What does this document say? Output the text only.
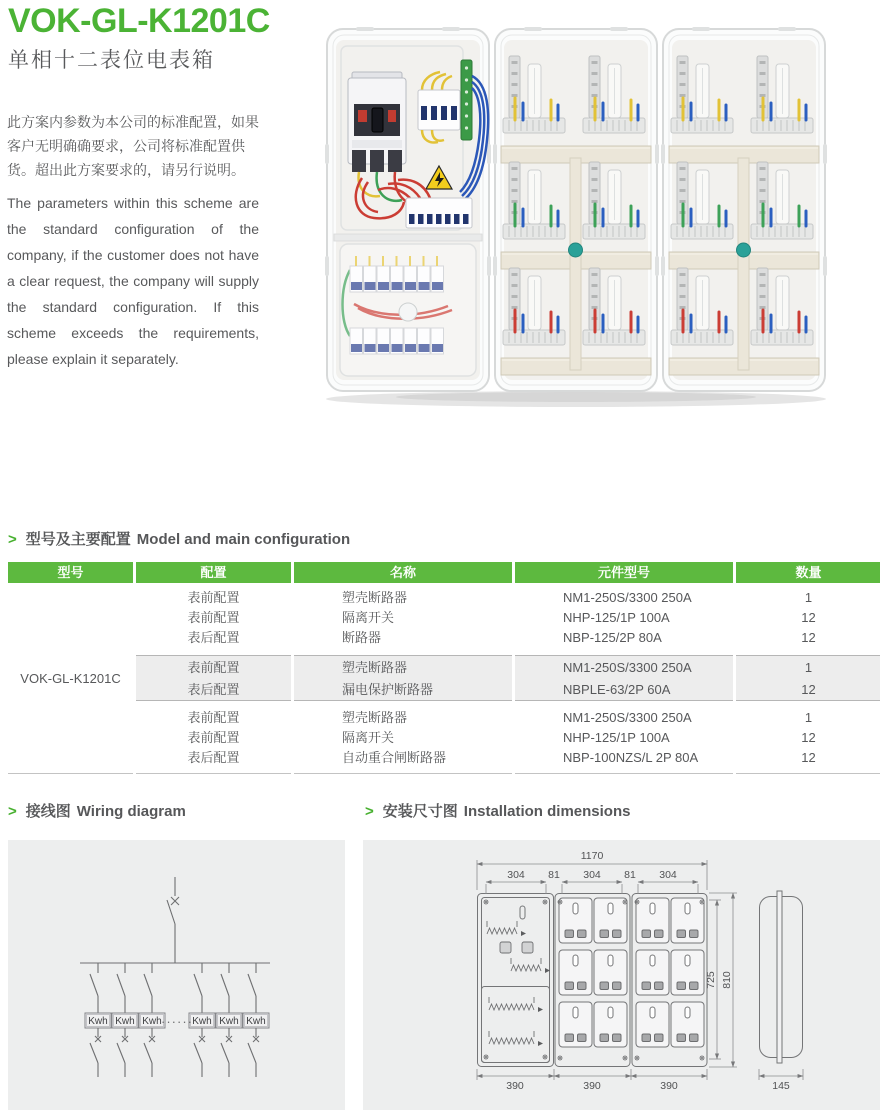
VOK-GL-K1201C
单相十二表位电表箱

此方案内参数为本公司的标准配置，如果客户无明确确要求，公司将标准配置供货。超出此方案要求的，请另行说明。

The parameters within this scheme are the standard configuration of the company, if the customer does not have a clear request, the company will supply the standard configuration. If this scheme exceeds the requirements, please explain it separately.

> 型号及主要配置 Model and main configuration
型号	配置	名称	元件型号	数量
VOK-GL-K1201C
表前配置	塑壳断路器	NM1-250S/3300 250A	1
表前配置	隔离开关	NHP-125/1P 100A	12
表后配置	断路器	NBP-125/2P 80A	12
表前配置	塑壳断路器	NM1-250S/3300 250A	1
表后配置	漏电保护断路器	NBPLE-63/2P 60A	12
表前配置	塑壳断路器	NM1-250S/3300 250A	1
表前配置	隔离开关	NHP-125/1P 100A	12
表后配置	自动重合闸断路器	NBP-100NZS/L 2P 80A	12
> 接线图 Wiring diagram	> 安装尺寸图 Installation dimensions
Kwh
······
1170
304 81 304 81 304
725 810
390	390	390	145
